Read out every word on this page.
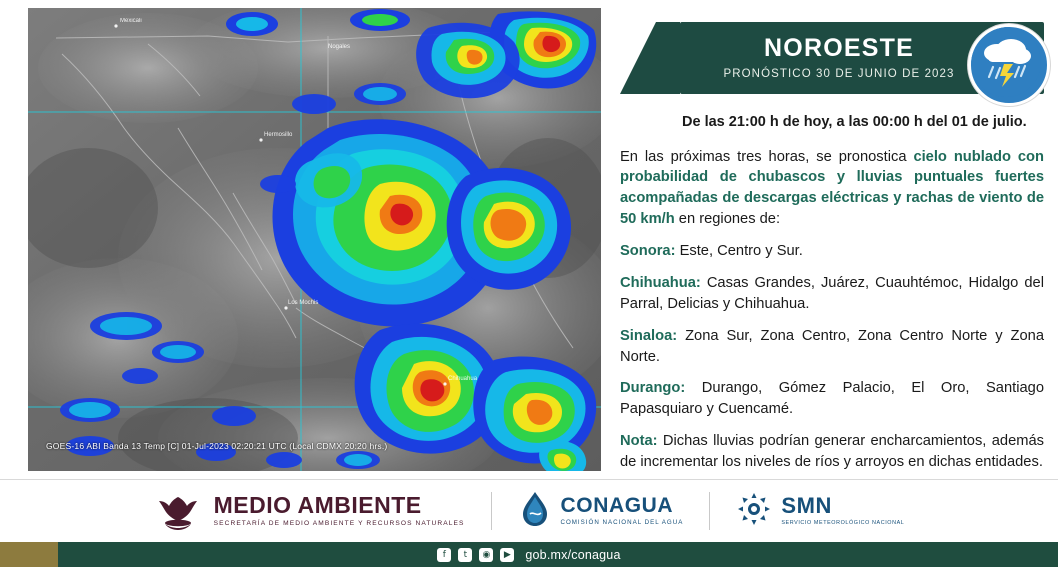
Mexicali
Hermosillo
Los Mochis
Chihuahua
Nogales
GOES-16 ABI Banda 13 Temp [C] 01-Jul-2023 02:20:21 UTC (Local CDMX 20:20 hrs.)
NOROESTE
PRONÓSTICO 30 DE JUNIO DE 2023
De las 21:00 h de hoy, a las 00:00 h del 01 de julio.

En las próximas tres horas, se pronostica cielo nublado con probabilidad de chubascos y lluvias puntuales fuertes acompañadas de descargas eléctricas y rachas de viento de 50 km/h en regiones de:

Sonora: Este, Centro y Sur.

Chihuahua: Casas Grandes, Juárez, Cuauhtémoc, Hidalgo del Parral, Delicias y Chihuahua.

Sinaloa: Zona Sur, Zona Centro, Zona Centro Norte y Zona Norte.

Durango: Durango, Gómez Palacio, El Oro, Santiago Papasquiaro y Cuencamé.

Nota: Dichas lluvias podrían generar encharcamientos, además de incrementar los niveles de ríos y arroyos en dichas entidades.

MEDIO AMBIENTE
SECRETARÍA DE MEDIO AMBIENTE Y RECURSOS NATURALES
CONAGUA
COMISIÓN NACIONAL DEL AGUA
SMN
SERVICIO METEOROLÓGICO NACIONAL
f	t	◉	▶ gob.mx/conagua
